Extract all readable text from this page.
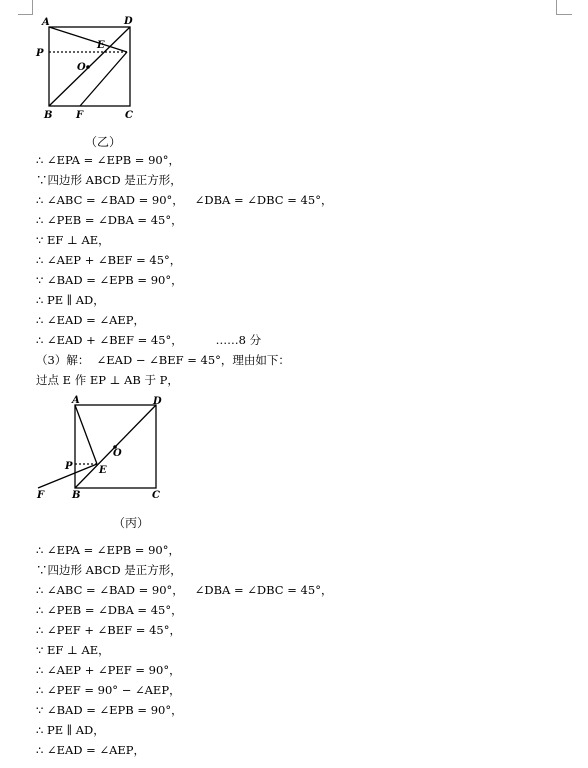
A	D
P
E
O
B F	C
（乙）
∴ ∠EPA = ∠EPB = 90°，
∵四边形 ABCD 是正方形，
∴ ∠ABC = ∠BAD = 90°，   ∠DBA = ∠DBC = 45°，
∴ ∠PEB = ∠DBA = 45°，
∵ EF ⊥ AE，
∴ ∠AEP + ∠BEF = 45°，
∵ ∠BAD = ∠EPB = 90°，
∴ PE ∥ AD，
∴ ∠EAD = ∠AEP，
∴ ∠EAD + ∠BEF = 45°，         ……8 分
（3）解：  ∠EAD − ∠BEF = 45°，理由如下：
过点 E 作 EP ⊥ AB 于 P，
A	D
P
O
E
F	B	C
（丙）
∴ ∠EPA = ∠EPB = 90°，
∵四边形 ABCD 是正方形，
∴ ∠ABC = ∠BAD = 90°，   ∠DBA = ∠DBC = 45°，
∴ ∠PEB = ∠DBA = 45°，
∴ ∠PEF + ∠BEF = 45°，
∵ EF ⊥ AE，
∴ ∠AEP + ∠PEF = 90°，
∴ ∠PEF = 90° − ∠AEP，
∵ ∠BAD = ∠EPB = 90°，
∴ PE ∥ AD，
∴ ∠EAD = ∠AEP，
